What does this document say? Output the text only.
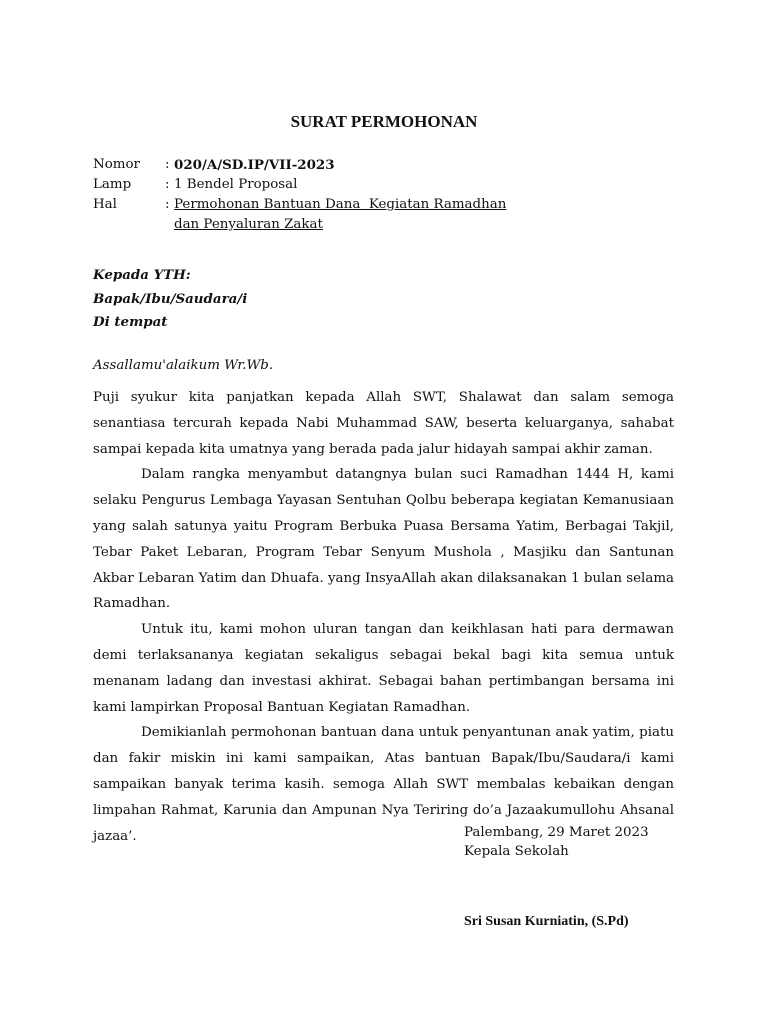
SURAT PERMOHONAN
Nomor	: 020/A/SD.IP/VII-2023
Lamp	: 1 Bendel Proposal
Hal	: Permohonan Bantuan Dana  Kegiatan Ramadhan
dan Penyaluran Zakat
Kepada YTH:
Bapak/Ibu/Saudara/i
Di tempat
Assallamu'alaikum Wr.Wb.

Puji syukur kita panjatkan kepada Allah SWT, Shalawat dan salam semoga senantiasa tercurah kepada Nabi Muhammad SAW, beserta keluarganya, sahabat sampai kepada kita umatnya yang berada pada jalur hidayah sampai akhir zaman.

Dalam rangka menyambut datangnya bulan suci Ramadhan 1444 H, kami selaku Pengurus Lembaga Yayasan Sentuhan Qolbu beberapa kegiatan Kemanusiaan yang salah satunya yaitu Program Berbuka Puasa Bersama Yatim, Berbagai Takjil, Tebar Paket Lebaran, Program Tebar Senyum Mushola , Masjiku dan Santunan Akbar Lebaran Yatim dan Dhuafa. yang InsyaAllah akan dilaksanakan 1 bulan selama Ramadhan.

Untuk itu, kami mohon uluran tangan dan keikhlasan hati para dermawan demi terlaksananya kegiatan sekaligus sebagai bekal bagi kita semua untuk menanam ladang dan investasi akhirat. Sebagai bahan pertimbangan bersama ini kami lampirkan Proposal Bantuan Kegiatan Ramadhan.

Demikianlah permohonan bantuan dana untuk penyantunan anak yatim, piatu dan fakir miskin ini kami sampaikan, Atas bantuan Bapak/Ibu/Saudara/i kami sampaikan banyak terima kasih. semoga Allah SWT membalas kebaikan dengan limpahan Rahmat, Karunia dan Ampunan Nya Teriring do’a Jazaakumullohu Ahsanal jazaa’.	Palembang, 29 Maret 2023
Kepala Sekolah
Sri Susan Kurniatin, (S.Pd)
